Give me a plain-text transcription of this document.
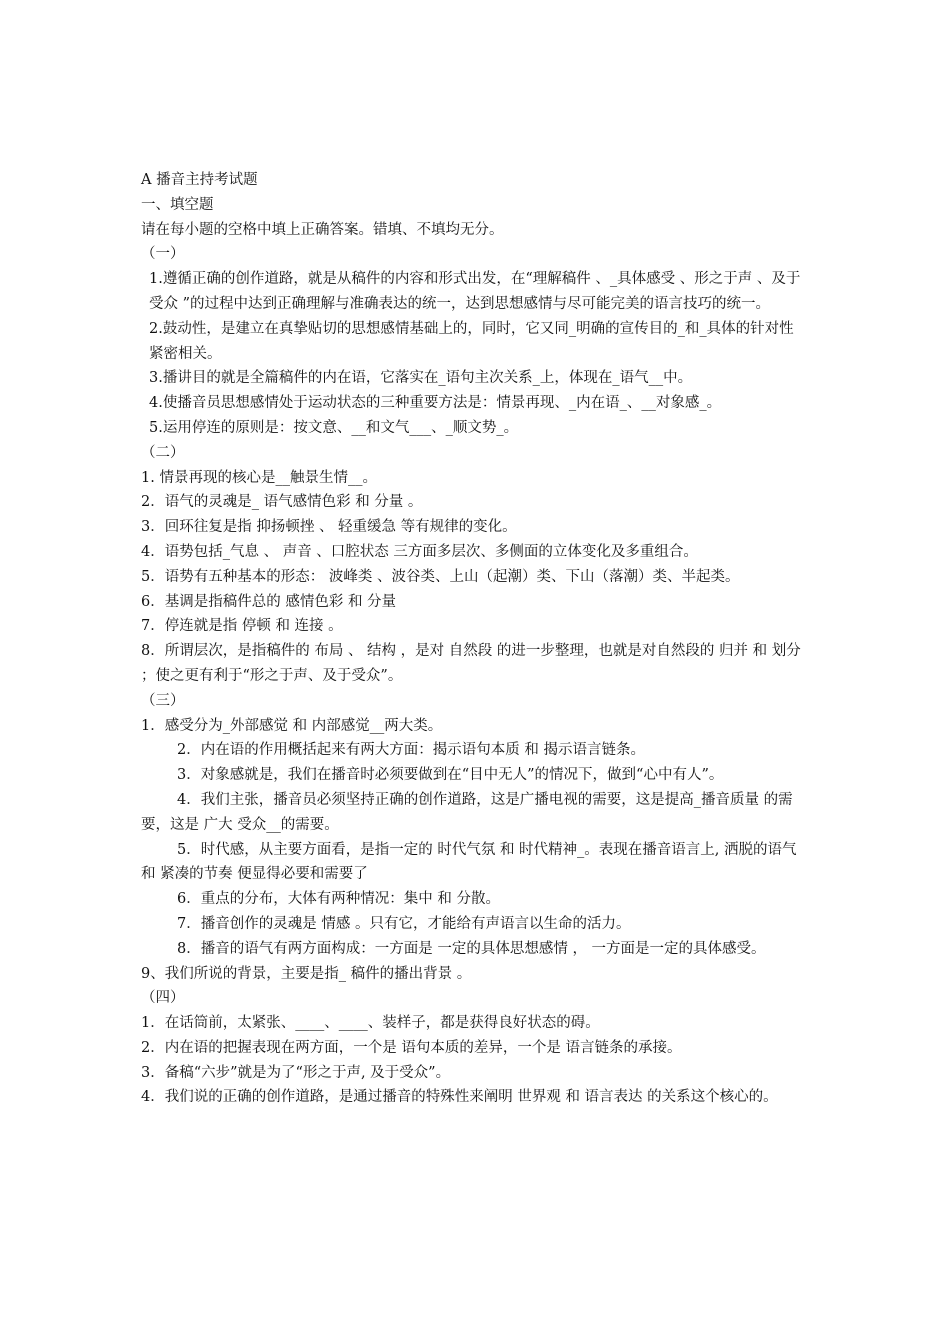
A 播音主持考试题
一、填空题
请在每小题的空格中填上正确答案。错填、不填均无分。
（一）
1.遵循正确的创作道路，就是从稿件的内容和形式出发，在“理解稿件 、_具体感受 、形之于声 、及于受众 ”的过程中达到正确理解与准确表达的统一，达到思想感情与尽可能完美的语言技巧的统一。
2.鼓动性，是建立在真挚贴切的思想感情基础上的，同时，它又同_明确的宣传目的_和_具体的针对性 紧密相关。
3.播讲目的就是全篇稿件的内在语，它落实在_语句主次关系_上，体现在_语气__中。
4.使播音员思想感情处于运动状态的三种重要方法是：情景再现、_内在语_、__对象感_。
5.运用停连的原则是：按文意、__和文气___、_顺文势_。
（二）
1. 情景再现的核心是__触景生情__。
2．语气的灵魂是_ 语气感情色彩 和 分量 。
3．回环往复是指 抑扬顿挫 、 轻重缓急 等有规律的变化。
4．语势包括_气息 、 声音 、口腔状态 三方面多层次、多侧面的立体变化及多重组合。
5．语势有五种基本的形态： 波峰类 、波谷类、上山（起潮）类、下山（落潮）类、半起类。
6．基调是指稿件总的 感情色彩 和 分量
7．停连就是指 停顿 和 连接 。
8．所谓层次，是指稿件的 布局 、 结构 ，是对 自然段 的进一步整理，也就是对自然段的 归并 和 划分 ；使之更有利于“形之于声、及于受众”。
（三）
1．感受分为_外部感觉 和 内部感觉__两大类。
2．内在语的作用概括起来有两大方面：揭示语句本质 和 揭示语言链条。
3．对象感就是，我们在播音时必须要做到在“目中无人”的情况下，做到“心中有人”。
4．我们主张，播音员必须坚持正确的创作道路，这是广播电视的需要，这是提高_播音质量 的需要，这是 广大 受众__的需要。
5．时代感，从主要方面看，是指一定的 时代气氛 和 时代精神_。表现在播音语言上, 洒脱的语气 和 紧凑的节奏 便显得必要和需要了
6．重点的分布，大体有两种情况：集中 和 分散。
7．播音创作的灵魂是 情感 。只有它，才能给有声语言以生命的活力。
8．播音的语气有两方面构成：一方面是 一定的具体思想感情 ， 一方面是一定的具体感受。
9、我们所说的背景，主要是指_ 稿件的播出背景 。
（四）
1．在话筒前，太紧张、____、____、装样子，都是获得良好状态的碍。
2．内在语的把握表现在两方面，一个是 语句本质的差异，一个是 语言链条的承接。
3．备稿“六步”就是为了“形之于声, 及于受众”。
4．我们说的正确的创作道路，是通过播音的特殊性来阐明 世界观 和 语言表达 的关系这个核心的。
